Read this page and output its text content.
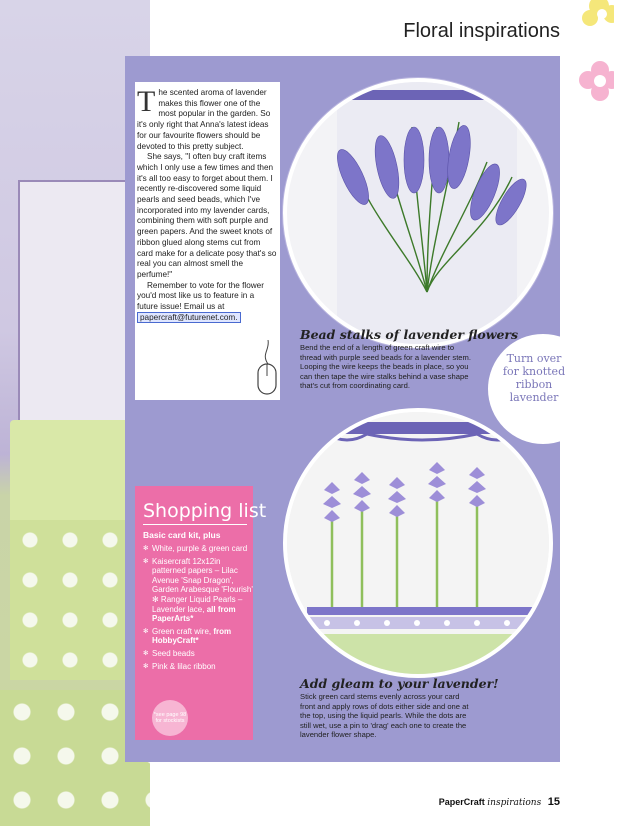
Floral inspirations

The scented aroma of lavender makes this flower one of the most popular in the garden. So it's only right that Anna's latest ideas for our favourite flowers should be devoted to this pretty subject.

She says, "I often buy craft items which I only use a few times and then it's all too easy to forget about them. I recently re-discovered some liquid pearls and seed beads, which I've incorporated into my lavender cards, combining them with soft purple and green papers. And the sweet knots of ribbon glued along stems cut from card make for a delicate posy that's so real you can almost smell the perfume!"

Remember to vote for the flower you'd most like us to feature in a future issue! Email us at papercraft@futurenet.com.

Bead stalks of lavender flowers
Bend the end of a length of green craft wire to thread with purple seed beads for a lavender stem. Looping the wire keeps the beads in place, so you can then tape the wire stalks behind a vase shape that's cut from coordinating card.
Turn over for knotted ribbon lavender
Add gleam to your lavender!
Stick green card stems evenly across your card front and apply rows of dots either side and one at the top, using the liquid pearls. While the dots are still wet, use a pin to 'drag' each one to create the lavender flower shape.
Shopping list
Basic card kit, plus
✻ White, purple & green card
✻ Kaisercraft 12x12in patterned papers – Lilac Avenue 'Snap Dragon', Garden Arabesque 'Flourish' ✻ Ranger Liquid Pearls – Lavender lace, all from PaperArts*
✻ Green craft wire, from HobbyCraft*
✻ Seed beads
✻ Pink & lilac ribbon
*see page 98 for stockists
PaperCraft inspirations 15
